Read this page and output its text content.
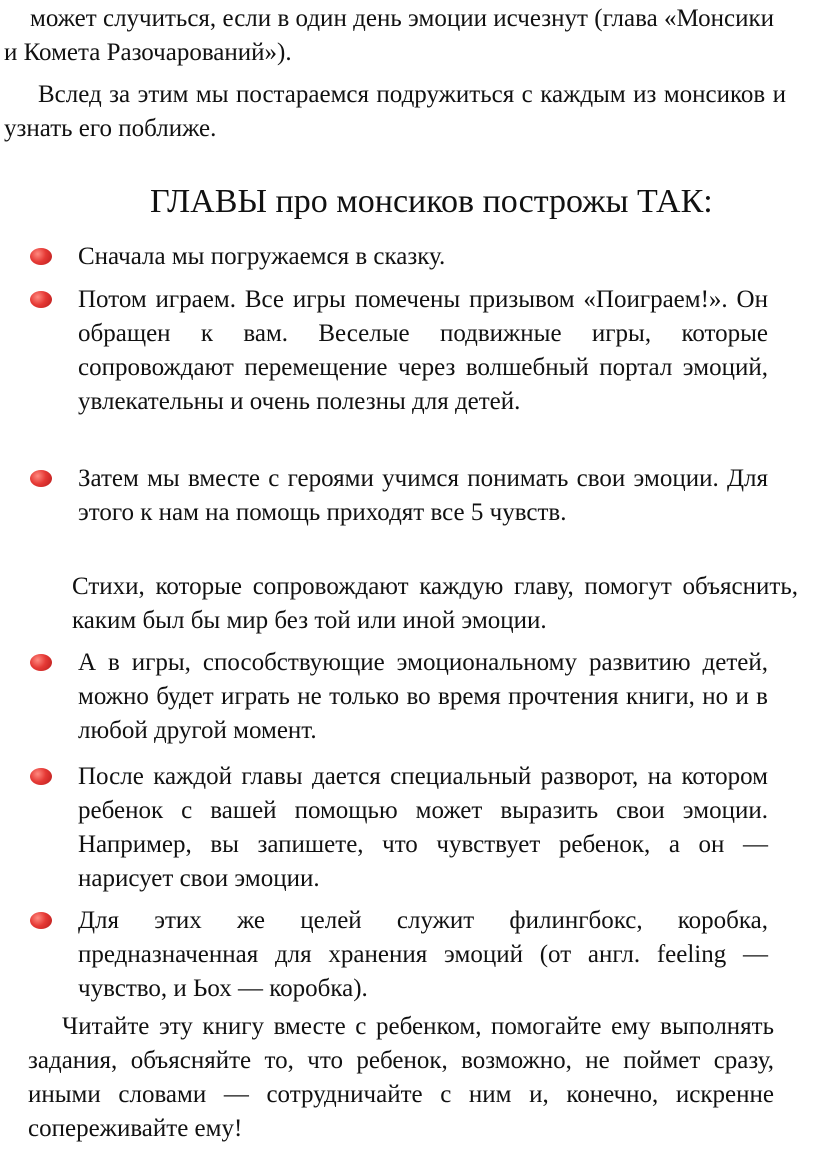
может случиться, если в один день эмоции исчезнут (глава «Монсики и Комета Разочарований»).

Вслед за этим мы постараемся подружиться с каждым из монсиков и узнать его поближе.

ГЛАВЫ про монсиков построжы ТАК:

Сначала мы погружаемся в сказку.

Потом играем. Все игры помечены призывом «Поиграем!». Он обращен к вам. Веселые подвижные игры, которые сопровождают перемещение через волшебный портал эмоций, увлекательны и очень полезны для детей.

Затем мы вместе с героями учимся понимать свои эмоции. Для этого к нам на помощь приходят все 5 чувств.

Стихи, которые сопровождают каждую главу, помогут объяснить, каким был бы мир без той или иной эмоции.

А в игры, способствующие эмоциональному развитию детей, можно будет играть не только во время прочтения книги, но и в любой другой момент.

После каждой главы дается специальный разворот, на котором ребенок с вашей помощью может выразить свои эмоции. Например, вы запишете, что чувствует ребенок, а он — нарисует свои эмоции.

Для этих же целей служит филингбокс, коробка, предназначенная для хранения эмоций (от англ. feeling — чувство, и Ьох — коробка).

Читайте эту книгу вместе с ребенком, помогайте ему выполнять задания, объясняйте то, что ребенок, возможно, не поймет сразу, иными словами — сотрудничайте с ним и, конечно, искренне сопереживайте ему!
